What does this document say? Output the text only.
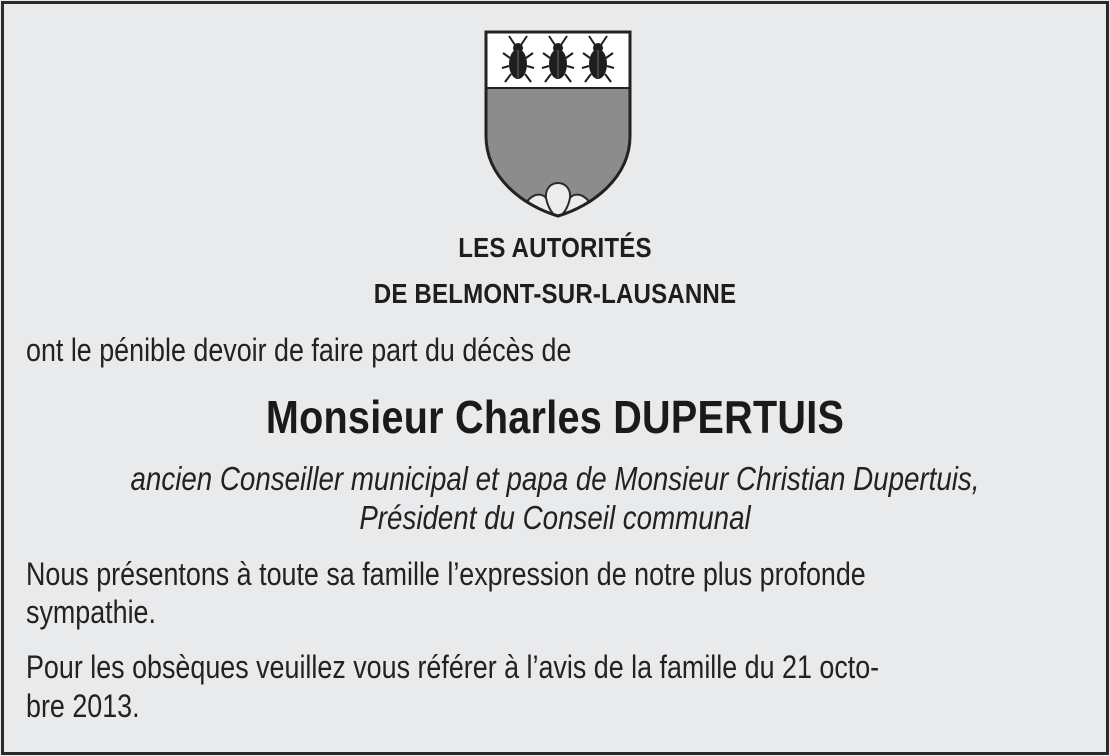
LES AUTORITÉS
DE BELMONT-SUR-LAUSANNE
ont le pénible devoir de faire part du décès de
Monsieur Charles DUPERTUIS
ancien Conseiller municipal et papa de Monsieur Christian Dupertuis,
Président du Conseil communal
Nous présentons à toute sa famille l’expression de notre plus profonde
sympathie.
Pour les obsèques veuillez vous référer à l’avis de la famille du 21 octo-
bre 2013.
